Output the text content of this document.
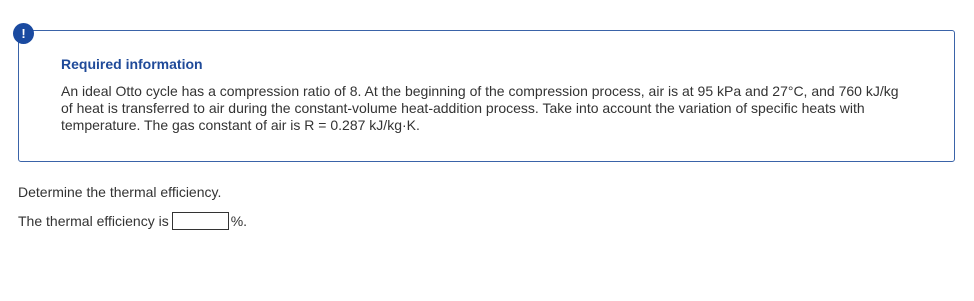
Required information

An ideal Otto cycle has a compression ratio of 8. At the beginning of the compression process, air is at 95 kPa and 27°C, and 760 kJ/kg of heat is transferred to air during the constant-volume heat-addition process. Take into account the variation of specific heats with temperature. The gas constant of air is R = 0.287 kJ/kg·K.

!
Determine the thermal efficiency.
The thermal efficiency is	%.
